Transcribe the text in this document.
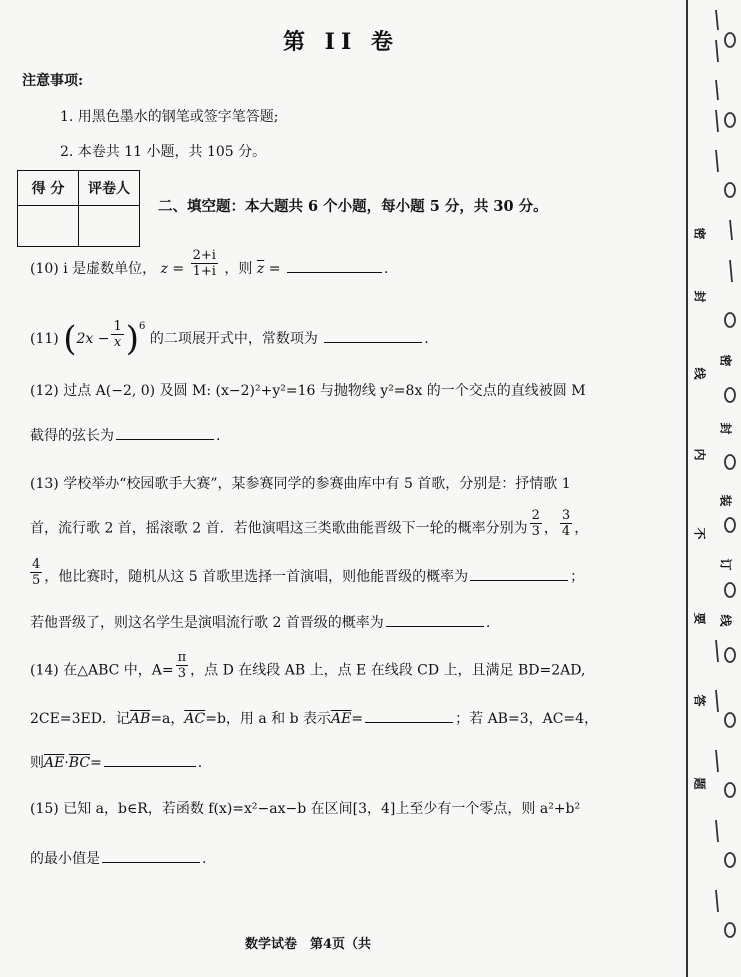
第 II 卷
注意事项:
1. 用黑色墨水的钢笔或签字笔答题;
2. 本卷共 11 小题，共 105 分。
得 分	评卷人

二、填空题：本大题共 6 个小题，每小题 5 分，共 30 分。
(10) i 是虚数单位， $z = \frac{2+i}{1+i}$ ，则 $\overline{z}$ =	.
(11) $(2x - \frac{1}{x} )^6$ 的二项展开式中，常数项为	.
(12) 过点 A(−2, 0) 及圆 M: (x−2)²+y²=16 与抛物线 y²=8x 的一个交点的直线被圆 M
截得的弦长为	.
(13) 学校举办“校园歌手大赛”，某参赛同学的参赛曲库中有 5 首歌，分别是：抒情歌 1
首，流行歌 2 首，摇滚歌 2 首．若他演唱这三类歌曲能晋级下一轮的概率分别为 $\frac{2}{3}$ ， $\frac{3}{4}$ ，
$\frac{4}{5}$ ，他比赛时，随机从这 5 首歌里选择一首演唱，则他能晋级的概率为	；
若他晋级了，则这名学生是演唱流行歌 2 首晋级的概率为	.
(14) 在△ABC 中，$A= \frac{\pi}{3}$ ，点 D 在线段 AB 上，点 E 在线段 CD 上，且满足 BD=2AD,
2CE=3ED．记$\overline{AB}=a$，$\overline{AC}=b$，用 a 和 b 表示$\overline{AE}=$	；若 AB=3，AC=4，
则$\overline{AE}\cdot\overline{BC}=$	.
(15) 已知 a，b∈R，若函数 f(x)=x²−ax−b 在区间[3，4]上至少有一个零点，则 a²+b²
的最小值是	.
密
封
线
内
不
要
答
题
密
封
装
订
线
数学试卷　第4页（共
